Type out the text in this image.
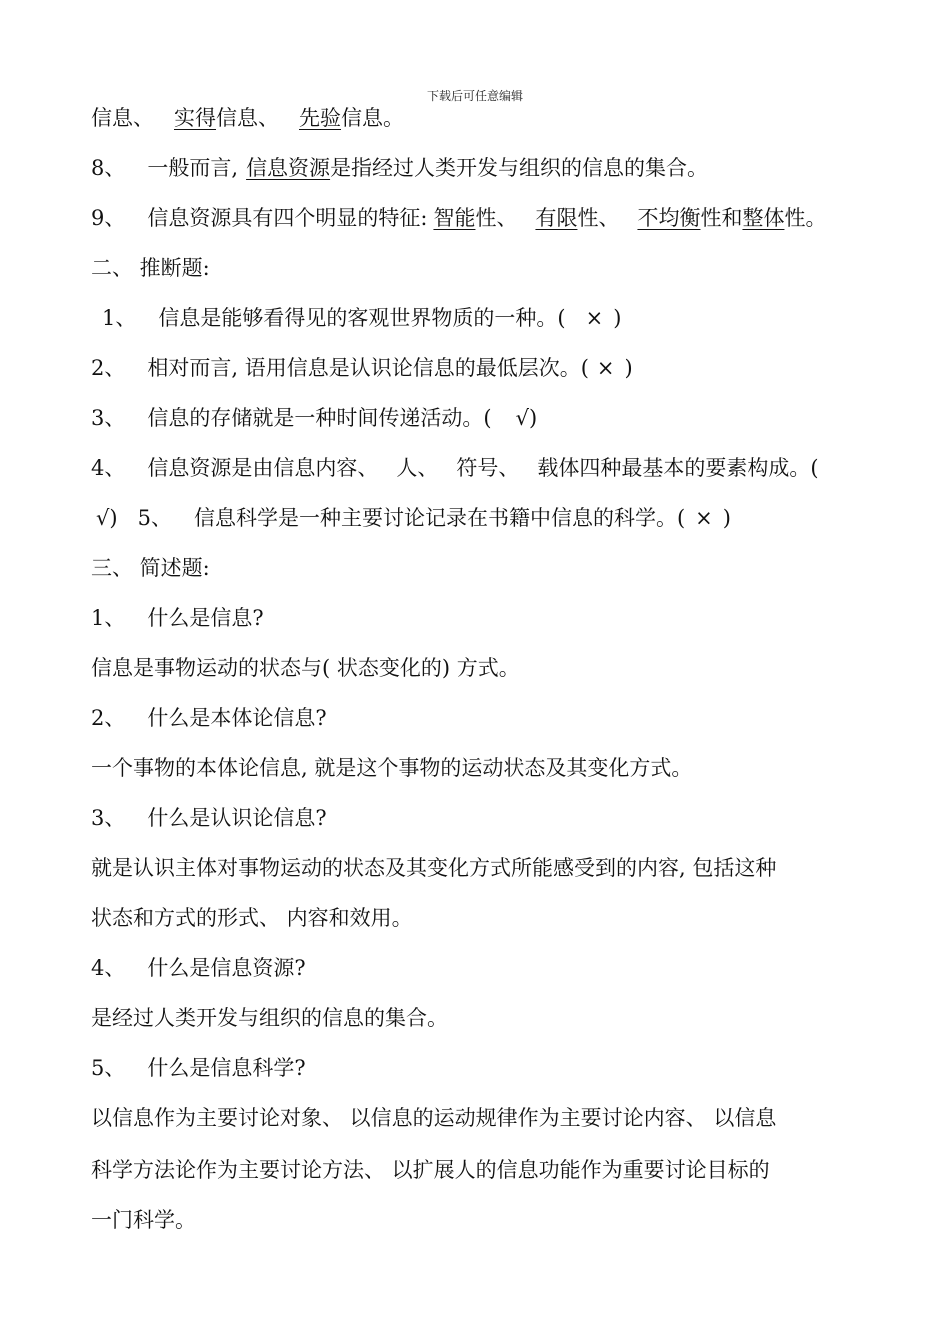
下载后可任意编辑
信息、 实得信息、 先验信息。
8、 一般而言, 信息资源是指经过人类开发与组织的信息的集合。
9、 信息资源具有四个明显的特征: 智能性、 有限性、 不均衡性和整体性。
二、 推断题:
1、 信息是能够看得见的客观世界物质的一种。( × )
2、 相对而言, 语用信息是认识论信息的最低层次。( × )
3、 信息的存储就是一种时间传递活动。( √)
4、 信息资源是由信息内容、 人、 符号、 载体四种最基本的要素构成。(
√) 5、 信息科学是一种主要讨论记录在书籍中信息的科学。( × )
三、 简述题:
1、 什么是信息?
信息是事物运动的状态与( 状态变化的) 方式。
2、 什么是本体论信息?
一个事物的本体论信息, 就是这个事物的运动状态及其变化方式。
3、 什么是认识论信息?
就是认识主体对事物运动的状态及其变化方式所能感受到的内容, 包括这种
状态和方式的形式、 内容和效用。
4、 什么是信息资源?
是经过人类开发与组织的信息的集合。
5、 什么是信息科学?
以信息作为主要讨论对象、 以信息的运动规律作为主要讨论内容、 以信息
科学方法论作为主要讨论方法、 以扩展人的信息功能作为重要讨论目标的
一门科学。
